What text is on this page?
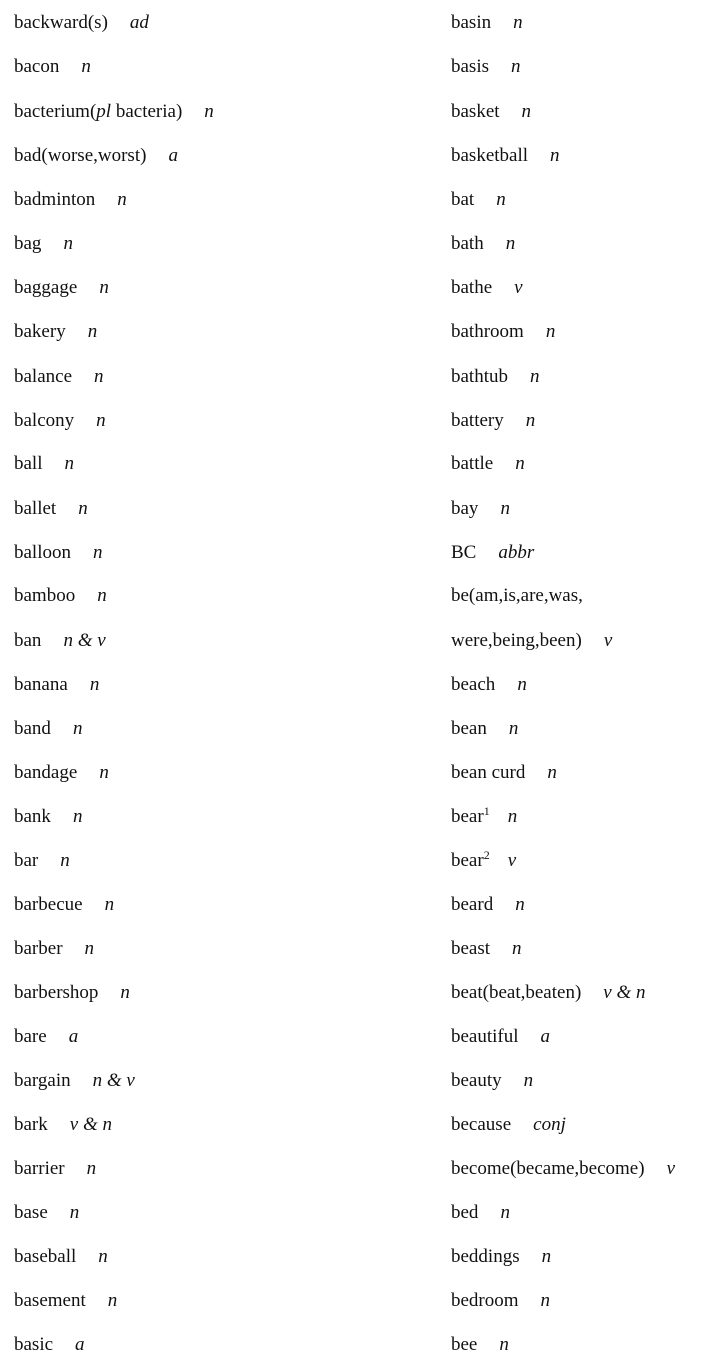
backward(s) ad
bacon n
bacterium(pl bacteria) n
bad(worse,worst) a
badminton n
bag n
baggage n
bakery n
balance n
balcony n
ball n
ballet n
balloon n
bamboo n
ban n & v
banana n
band n
bandage n
bank n
bar n
barbecue n
barber n
barbershop n
bare a
bargain n & v
bark v & n
barrier n
base n
baseball n
basement n
basic a
basin n
basis n
basket n
basketball n
bat n
bath n
bathe v
bathroom n
bathtub n
battery n
battle n
bay n
BC abbr
be(am,is,are,was,
were,being,been) v
beach n
bean n
bean curd n
bear$^1$ n
bear$^2$ v
beard n
beast n
beat(beat,beaten) v & n
beautiful a
beauty n
because conj
become(became,become) v
bed n
beddings n
bedroom n
bee n
